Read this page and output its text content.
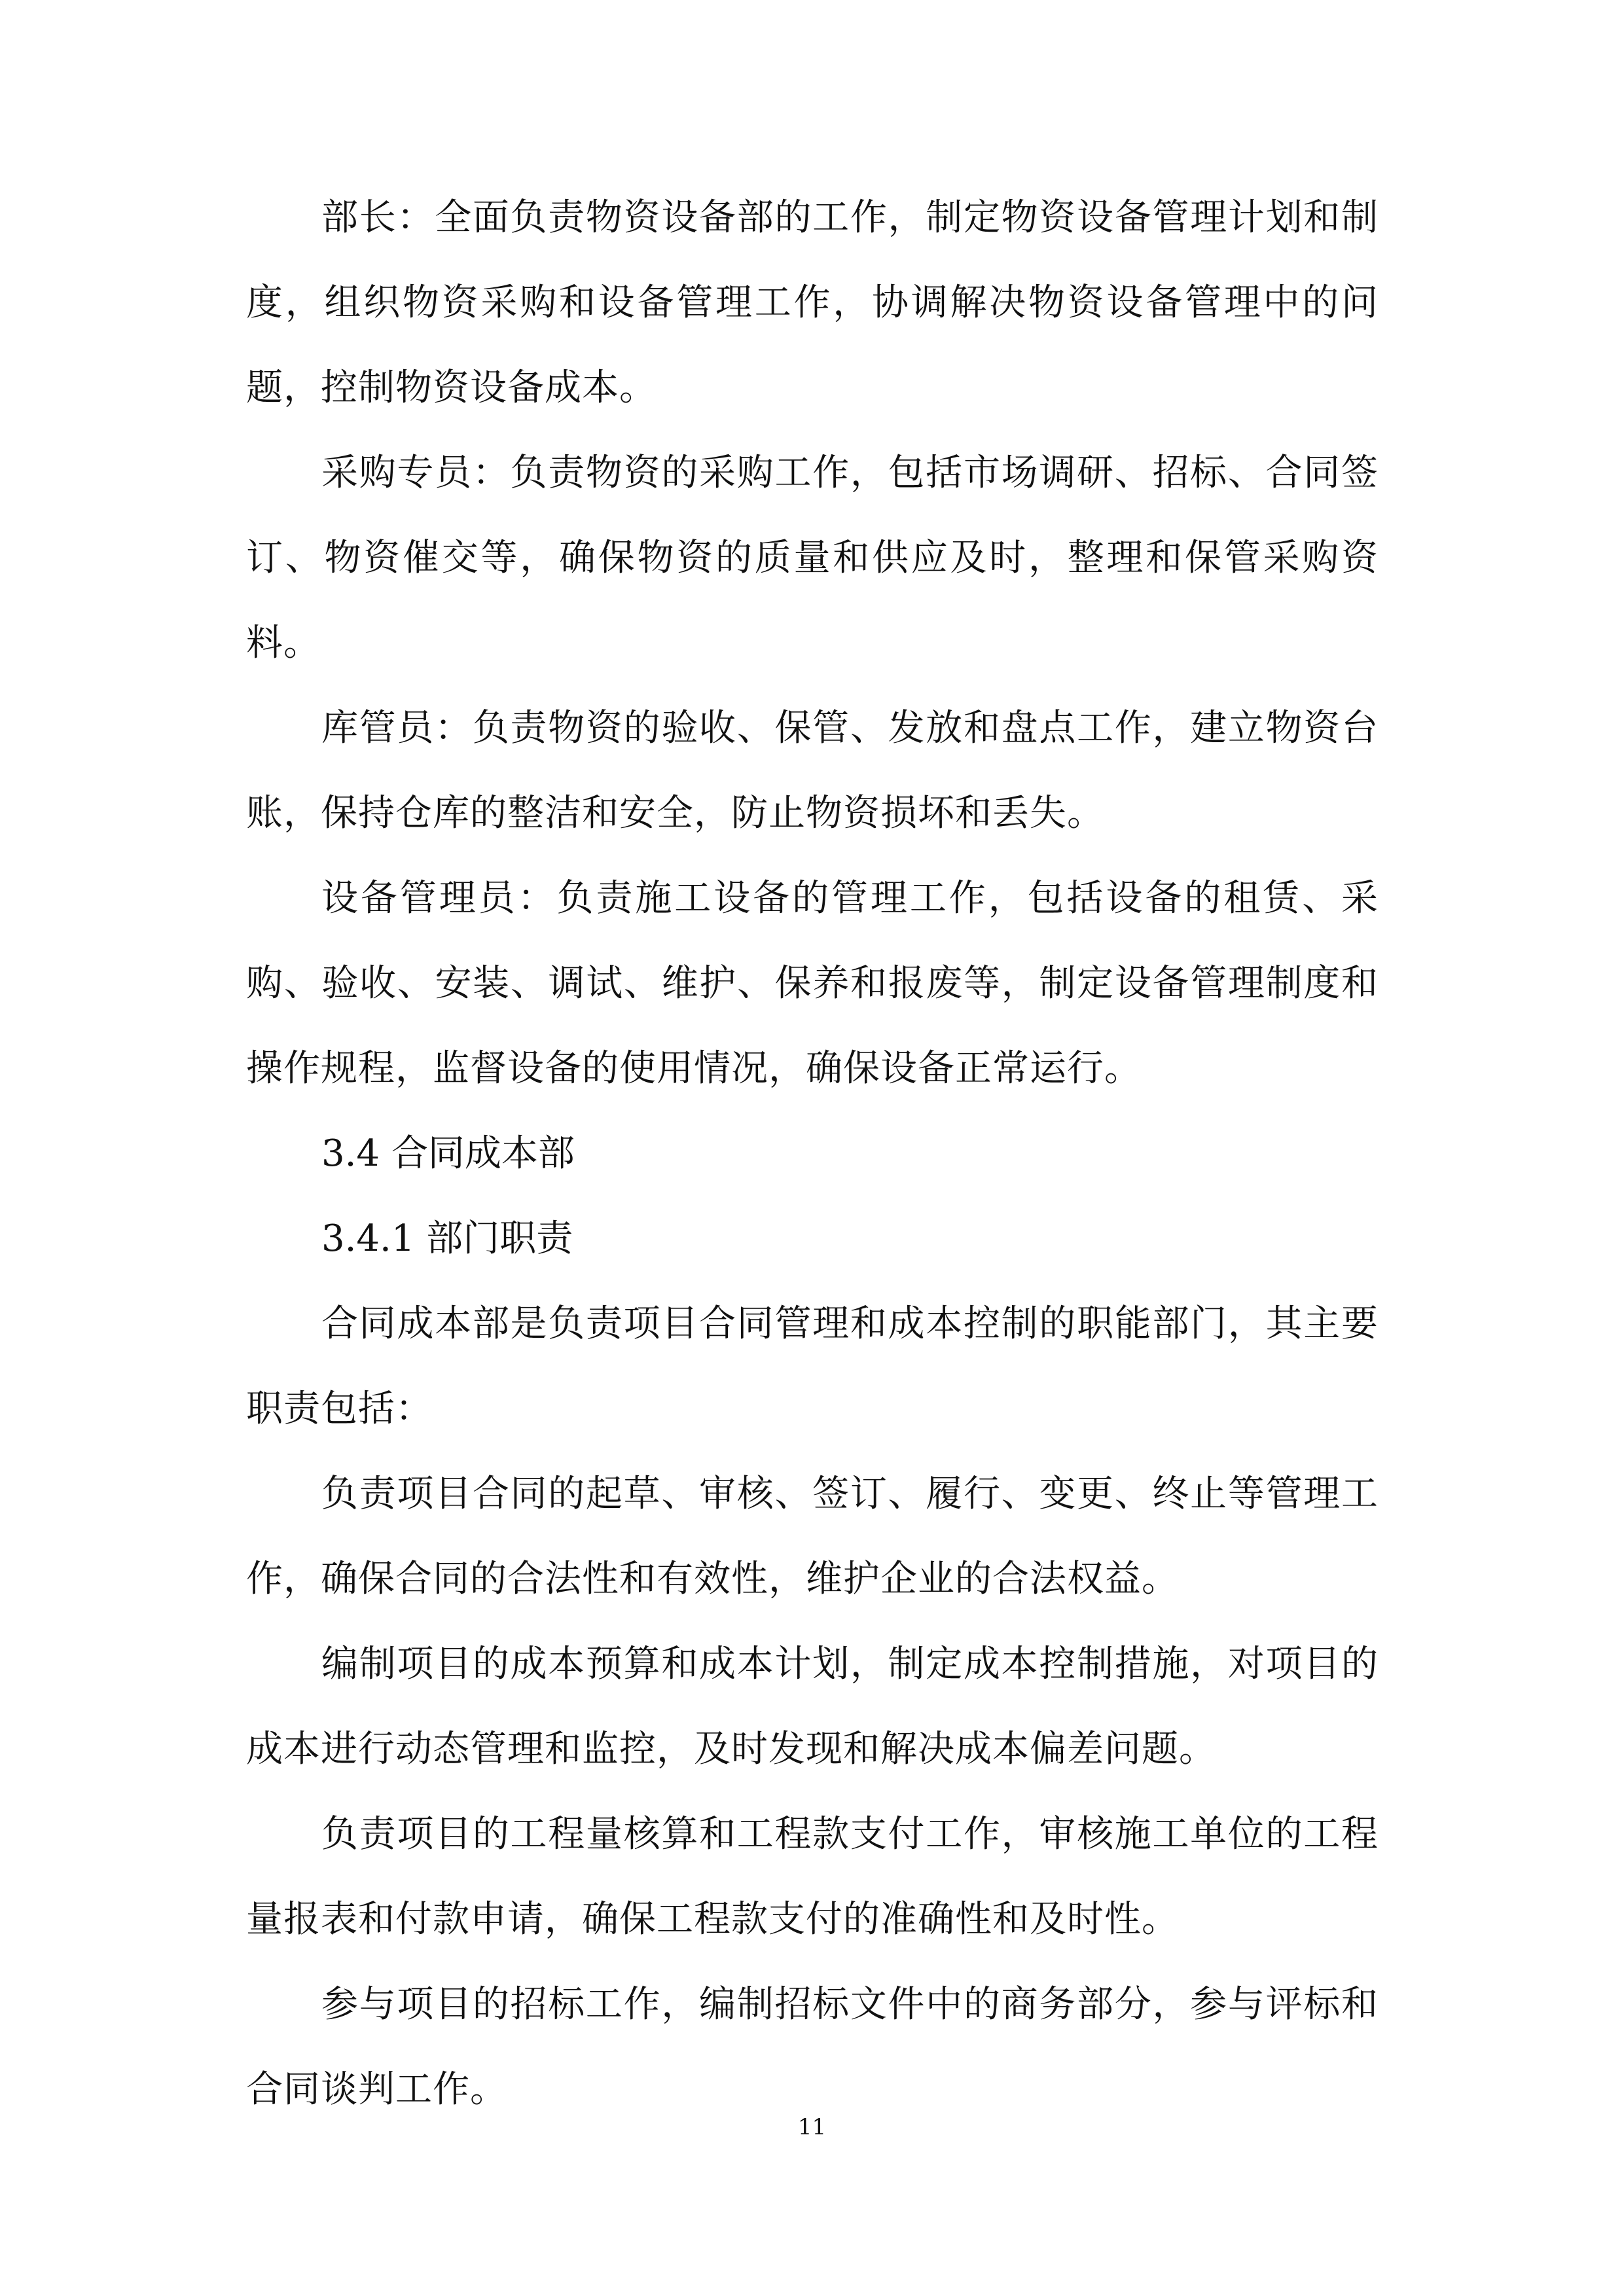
部长：全面负责物资设备部的工作，制定物资设备管理计划和制度，组织物资采购和设备管理工作，协调解决物资设备管理中的问题，控制物资设备成本。

采购专员：负责物资的采购工作，包括市场调研、招标、合同签订、物资催交等，确保物资的质量和供应及时，整理和保管采购资料。

库管员：负责物资的验收、保管、发放和盘点工作，建立物资台账，保持仓库的整洁和安全，防止物资损坏和丢失。

设备管理员：负责施工设备的管理工作，包括设备的租赁、采购、验收、安装、调试、维护、保养和报废等，制定设备管理制度和操作规程，监督设备的使用情况，确保设备正常运行。

3.4 合同成本部

3.4.1 部门职责

合同成本部是负责项目合同管理和成本控制的职能部门，其主要职责包括：

负责项目合同的起草、审核、签订、履行、变更、终止等管理工作，确保合同的合法性和有效性，维护企业的合法权益。

编制项目的成本预算和成本计划，制定成本控制措施，对项目的成本进行动态管理和监控，及时发现和解决成本偏差问题。

负责项目的工程量核算和工程款支付工作，审核施工单位的工程量报表和付款申请，确保工程款支付的准确性和及时性。

参与项目的招标工作，编制招标文件中的商务部分，参与评标和合同谈判工作。

11
